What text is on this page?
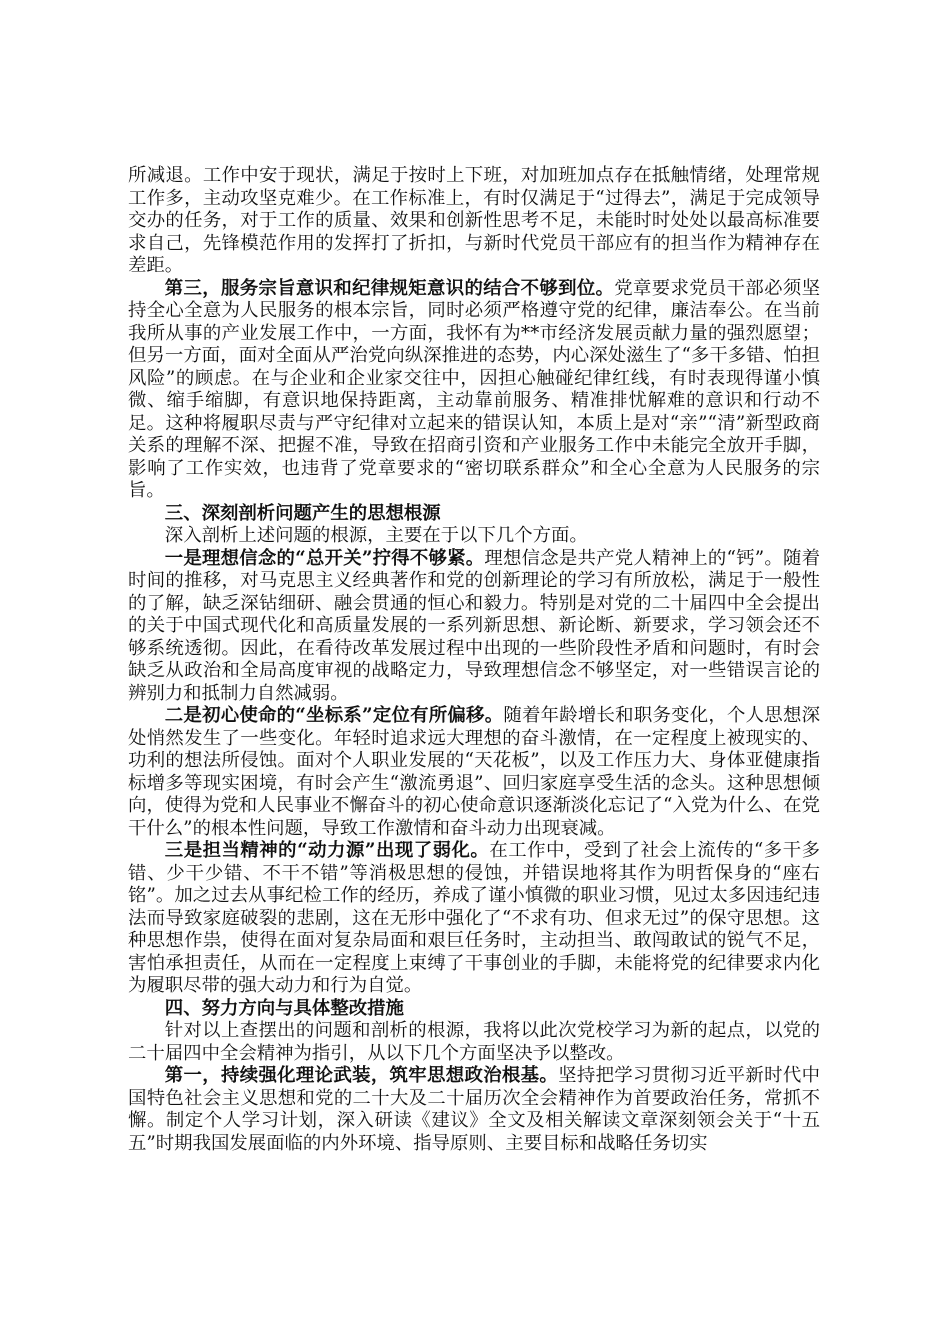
所减退。工作中安于现状，满足于按时上下班，对加班加点存在抵触情绪，处理常规工作多，主动攻坚克难少。在工作标准上，有时仅满足于“过得去”，满足于完成领导交办的任务，对于工作的质量、效果和创新性思考不足，未能时时处处以最高标准要求自己，先锋模范作用的发挥打了折扣，与新时代党员干部应有的担当作为精神存在差距。

第三，服务宗旨意识和纪律规矩意识的结合不够到位。党章要求党员干部必须坚持全心全意为人民服务的根本宗旨，同时必须严格遵守党的纪律，廉洁奉公。在当前我所从事的产业发展工作中，一方面，我怀有为**市经济发展贡献力量的强烈愿望；但另一方面，面对全面从严治党向纵深推进的态势，内心深处滋生了“多干多错、怕担风险”的顾虑。在与企业和企业家交往中，因担心触碰纪律红线，有时表现得谨小慎微、缩手缩脚，有意识地保持距离，主动靠前服务、精准排忧解难的意识和行动不足。这种将履职尽责与严守纪律对立起来的错误认知，本质上是对“亲”“清”新型政商关系的理解不深、把握不准，导致在招商引资和产业服务工作中未能完全放开手脚，影响了工作实效，也违背了党章要求的“密切联系群众”和全心全意为人民服务的宗旨。

三、深刻剖析问题产生的思想根源

深入剖析上述问题的根源，主要在于以下几个方面。

一是理想信念的“总开关”拧得不够紧。理想信念是共产党人精神上的“钙”。随着时间的推移，对马克思主义经典著作和党的创新理论的学习有所放松，满足于一般性的了解，缺乏深钻细研、融会贯通的恒心和毅力。特别是对党的二十届四中全会提出的关于中国式现代化和高质量发展的一系列新思想、新论断、新要求，学习领会还不够系统透彻。因此，在看待改革发展过程中出现的一些阶段性矛盾和问题时，有时会缺乏从政治和全局高度审视的战略定力，导致理想信念不够坚定，对一些错误言论的辨别力和抵制力自然减弱。

二是初心使命的“坐标系”定位有所偏移。随着年龄增长和职务变化，个人思想深处悄然发生了一些变化。年轻时追求远大理想的奋斗激情，在一定程度上被现实的、功利的想法所侵蚀。面对个人职业发展的“天花板”，以及工作压力大、身体亚健康指标增多等现实困境，有时会产生“激流勇退”、回归家庭享受生活的念头。这种思想倾向，使得为党和人民事业不懈奋斗的初心使命意识逐渐淡化忘记了“入党为什么、在党干什么”的根本性问题，导致工作激情和奋斗动力出现衰减。

三是担当精神的“动力源”出现了弱化。在工作中，受到了社会上流传的“多干多错、少干少错、不干不错”等消极思想的侵蚀，并错误地将其作为明哲保身的“座右铭”。加之过去从事纪检工作的经历，养成了谨小慎微的职业习惯，见过太多因违纪违法而导致家庭破裂的悲剧，这在无形中强化了“不求有功、但求无过”的保守思想。这种思想作祟，使得在面对复杂局面和艰巨任务时，主动担当、敢闯敢试的锐气不足，害怕承担责任，从而在一定程度上束缚了干事创业的手脚，未能将党的纪律要求内化为履职尽带的强大动力和行为自觉。

四、努力方向与具体整改措施

针对以上查摆出的问题和剖析的根源，我将以此次党校学习为新的起点，以党的二十届四中全会精神为指引，从以下几个方面坚决予以整改。

第一，持续强化理论武装，筑牢思想政治根基。坚持把学习贯彻习近平新时代中国特色社会主义思想和党的二十大及二十届历次全会精神作为首要政治任务，常抓不懈。制定个人学习计划，深入研读《建议》全文及相关解读文章深刻领会关于“十五五”时期我国发展面临的内外环境、指导原则、主要目标和战略任务切实
